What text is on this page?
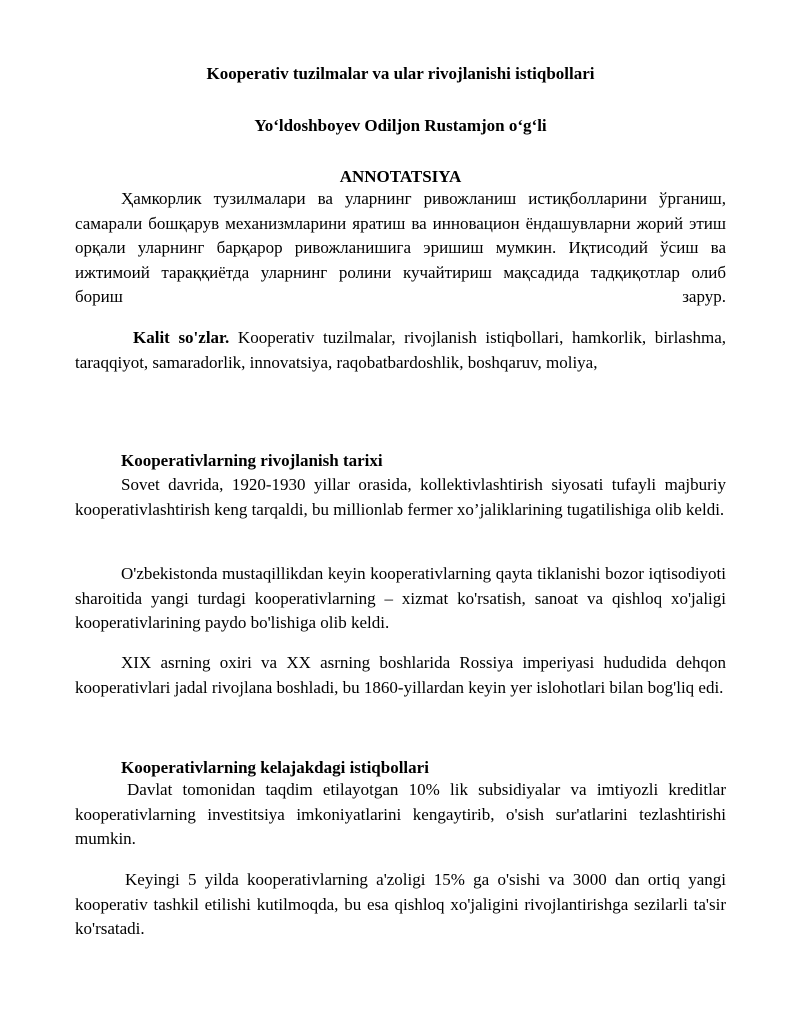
Kooperativ tuzilmalar va ular rivojlanishi istiqbollari

Yo‘ldoshboyev Odiljon Rustamjon o‘g‘li

ANNOTATSIYA

Ҳамкорлик тузилмалари ва уларнинг ривожланиш истиқболларини ўрганиш, самарали бошқарув механизмларини яратиш ва инновацион ёндашувларни жорий этиш орқали уларнинг барқарор ривожланишига эришиш мумкин. Иқтисодий ўсиш ва ижтимоий тараққиётда уларнинг ролини кучайтириш мақсадида тадқиқотлар олиб бориш зарур.

Kalit so'zlar. Kooperativ tuzilmalar, rivojlanish istiqbollari, hamkorlik, birlashma, taraqqiyot, samaradorlik, innovatsiya, raqobatbardoshlik, boshqaruv, moliya,

Kooperativlarning rivojlanish tarixi

Sovet davrida, 1920-1930 yillar orasida, kollektivlashtirish siyosati tufayli majburiy kooperativlashtirish keng tarqaldi, bu millionlab fermer xo’jaliklarining tugatilishiga olib keldi.

O'zbekistonda mustaqillikdan keyin kooperativlarning qayta tiklanishi bozor iqtisodiyoti sharoitida yangi turdagi kooperativlarning – xizmat ko'rsatish, sanoat va qishloq xo'jaligi kooperativlarining paydo bo'lishiga olib keldi.

XIX asrning oxiri va XX asrning boshlarida Rossiya imperiyasi hududida dehqon kooperativlari jadal rivojlana boshladi, bu 1860-yillardan keyin yer islohotlari bilan bog'liq edi.

Kooperativlarning kelajakdagi istiqbollari

Davlat tomonidan taqdim etilayotgan 10% lik subsidiyalar va imtiyozli kreditlar kooperativlarning investitsiya imkoniyatlarini kengaytirib, o'sish sur'atlarini tezlashtirishi mumkin.

Keyingi 5 yilda kooperativlarning a'zoligi 15% ga o'sishi va 3000 dan ortiq yangi kooperativ tashkil etilishi kutilmoqda, bu esa qishloq xo'jaligini rivojlantirishga sezilarli ta'sir ko'rsatadi.
